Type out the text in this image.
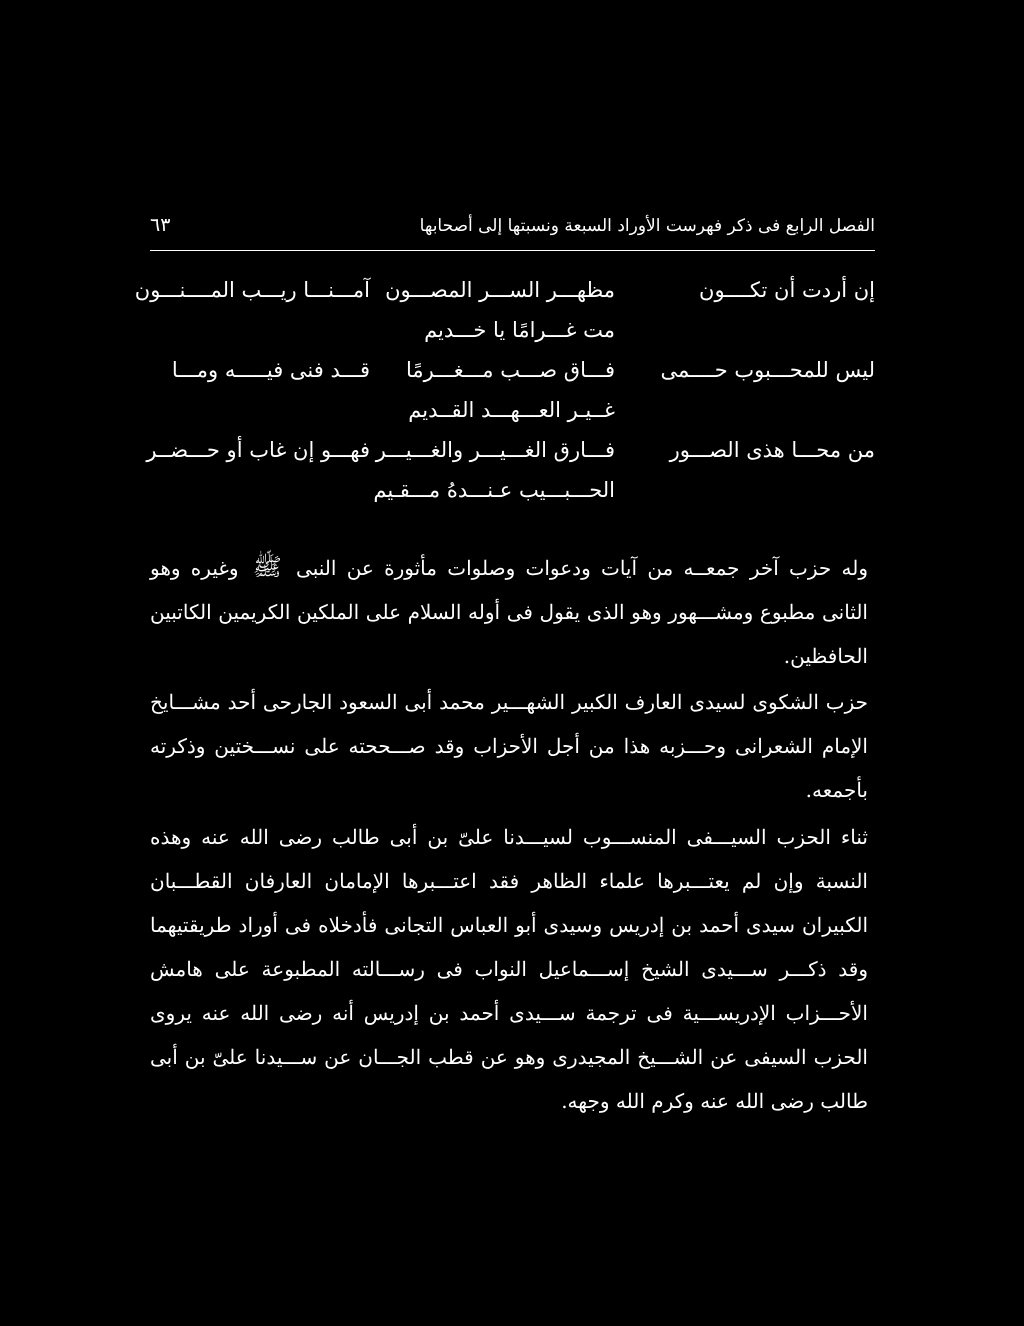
الفصل الرابع فى ذكر فهرست الأوراد السبعة ونسبتها إلى أصحابها
٦٣
إن أردت أن تكــــون
مظهـــر الســـر المصـــون
آمـــنـــا ريـــب المــــنـــون
مت غـــرامًا يا خـــديم
ليس للمحـــبوب حــــمى
فـــاق صـــب مـــغـــرمًا
قـــد فنى فيـــــه ومـــا
غــيـر العـــهـــد القــديم
من محـــا هذى الصـــور
فـــارق الغـــيـــر والغـــيـــر
فهـــو إن غاب أو حـــضــر
الحـــبـــيب عـنـــدهُ مـــقـيم

وله حزب آخر جمعــه من آيات ودعوات وصلوات مأثورة عن النبى ﷺ وغيره وهو الثانى مطبوع ومشـــهور وهو الذى يقول فى أوله السلام على الملكين الكريمين الكاتبين الحافظين.

حزب الشكوى لسيدى العارف الكبير الشهـــير محمد أبى السعود الجارحى أحد مشـــايخ الإمام الشعرانى وحـــزبه هذا من أجل الأحزاب وقد صـــححته على نســـختين وذكرته بأجمعه.

ثناء الحزب السيـــفى المنســـوب لسيـــدنا علىّ بن أبى طالب رضى الله عنه وهذه النسبة وإن لم يعتـــبرها علماء الظاهر فقد اعتـــبرها الإمامان العارفان القطـــبان الكبيران سيدى أحمد بن إدريس وسيدى أبو العباس التجانى فأدخلاه فى أوراد طريقتيهما وقد ذكـــر ســـيدى الشيخ إســـماعيل النواب فى رســـالته المطبوعة على هامش الأحـــزاب الإدريســـية فى ترجمة ســـيدى أحمد بن إدريس أنه رضى الله عنه يروى الحزب السيفى عن الشـــيخ المجيدرى وهو عن قطب الجـــان عن ســـيدنا علىّ بن أبى طالب رضى الله عنه وكرم الله وجهه.
